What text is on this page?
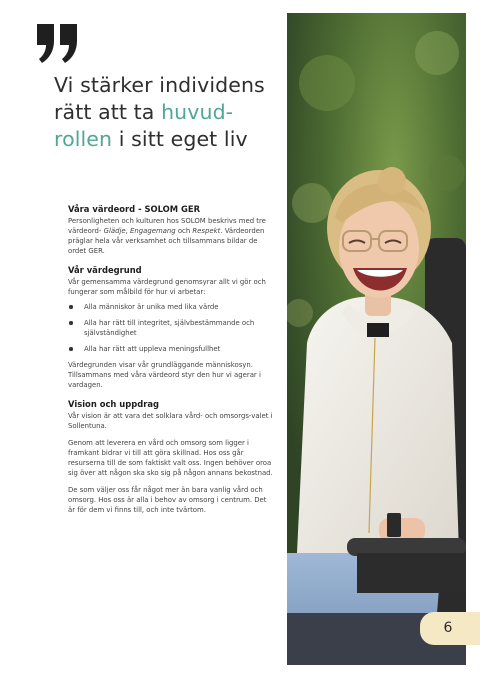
Vi stärker individens
rätt att ta huvud-
rollen i sitt eget liv
Våra värdeord - SOLOM GER

Personligheten och kulturen hos SOLOM beskrivs med tre värdeord- Glädje, Engagemang och Respekt. Värdeorden präglar hela vår verksamhet och tillsammans bildar de ordet GER.

Vår värdegrund

Vår gemensamma värdegrund genomsyrar allt vi gör och fungerar som målbild för hur vi arbetar:

Alla människor är unika med lika värde
Alla har rätt till integritet, självbestämmande och självständighet
Alla har rätt att uppleva meningsfullhet

Värdegrunden visar vår grundläggande människosyn. Tillsammans med våra värdeord styr den hur vi agerar i vardagen.

Vision och uppdrag

Vår vision är att vara det solklara vård- och omsorgs-valet i Sollentuna.

Genom att leverera en vård och omsorg som ligger i framkant bidrar vi till att göra skillnad. Hos oss går resurserna till de som faktiskt valt oss. Ingen behöver oroa sig över att någon ska sko sig på någon annans bekostnad.

De som väljer oss får något mer än bara vanlig vård och omsorg. Hos oss är alla i behov av omsorg i centrum. Det är för dem vi finns till, och inte tvärtom.

6
